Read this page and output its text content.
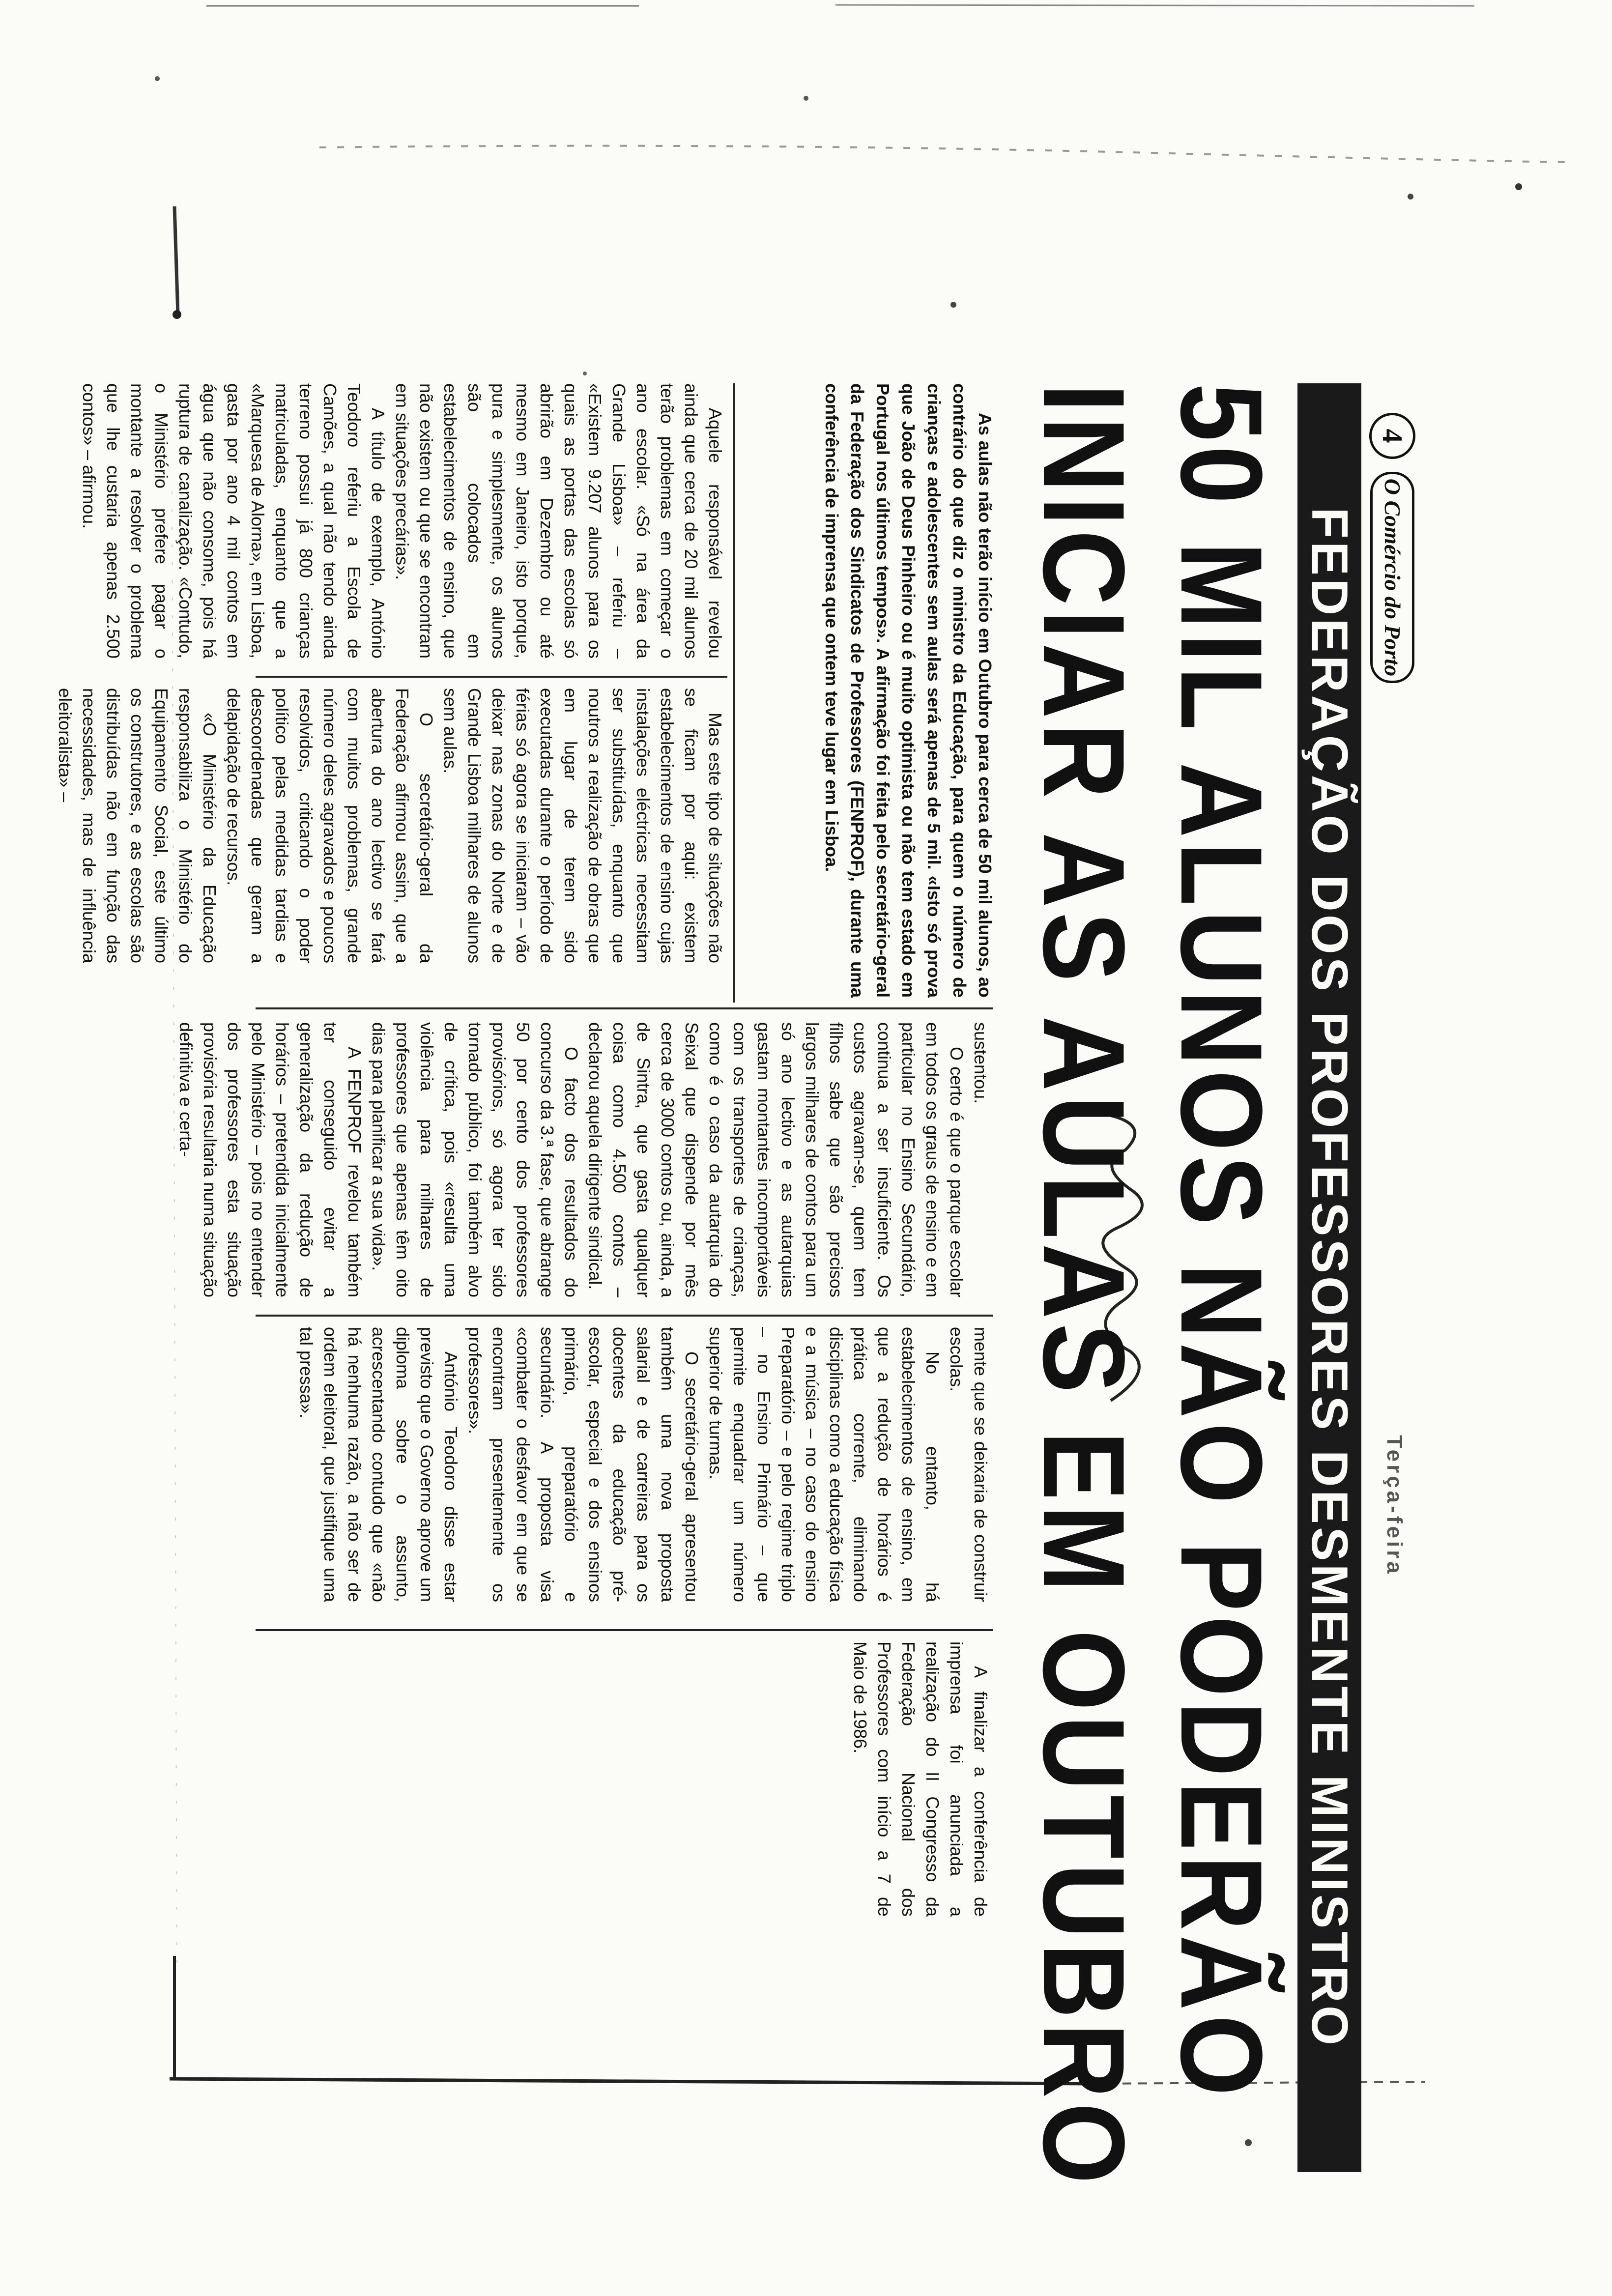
4
O Comércio do Porto
Terça-feira
FEDERAÇÃO DOS PROFESSORES DESMENTE MINISTRO
50 MIL ALUNOS NÃO PODERÃO
INICIAR AS AULAS EM OUTUBRO

As aulas não terão início em Outubro para cerca de 50 mil alunos, ao contrário do que diz o ministro da Educação, para quem o número de crianças e adolescentes sem aulas será apenas de 5 mil. «Isto só prova que João de Deus Pinheiro ou é muito optimista ou não tem estado em Portugal nos últimos tempos». A afirmação foi feita pelo secretário-geral da Federação dos Sindicatos de Professores (FENPROF), durante uma conferência de imprensa que ontem teve lugar em Lisboa.

Aquele responsável revelou ainda que cerca de 20 mil alunos terão problemas em começar o ano escolar. «Só na área da Grande Lisboa» – referiu – «Existem 9.207 alunos para os quais as portas das escolas só abrirão em Dezembro ou até mesmo em Janeiro, isto porque, pura e simplesmente, os alunos são colocados em estabelecimentos de ensino, que não existem ou que se encontram em situações precárias».

A título de exemplo, António Teodoro referiu a Escola de Camões, a qual não tendo ainda terreno possui já 800 crianças matriculadas, enquanto que a «Marquesa de Alorna», em Lisboa, gasta por ano 4 mil contos em água que não consome, pois há ruptura de canalização. «Contudo, o Ministério prefere pagar o montante a resolver o problema que lhe custaria apenas 2.500 contos» – afirmou.

Mas este tipo de situações não se ficam por aqui: existem estabelecimentos de ensino cujas instalações eléctricas necessitam ser substituídas, enquanto que noutros a realização de obras que em lugar de terem sido executadas durante o período de férias só agora se iniciaram – vão deixar nas zonas do Norte e de Grande Lisboa milhares de alunos sem aulas.

O secretário-geral da Federação afirmou assim, que a abertura do ano lectivo se fará com muitos problemas, grande número deles agravados e poucos resolvidos, criticando o poder político pelas medidas tardias e descoordenadas que geram a delapidação de recursos.

«O Ministério da Educação responsabiliza o Ministério do Equipamento Social, este último os construtores, e as escolas são distribuídas não em função das necessidades, mas de influência eleitoralista» –

sustentou.

O certo é que o parque escolar em todos os graus de ensino e em particular no Ensino Secundário, continua a ser insuficiente. Os custos agravam-se, quem tem filhos sabe que são precisos largos milhares de contos para um só ano lectivo e as autarquias gastam montantes incomportáveis com os transportes de crianças, como é o caso da autarquia do Seixal que dispende por mês cerca de 3000 contos ou, ainda, a de Sintra, que gasta qualquer coisa como 4.500 contos – declarou aquela dirigente sindical.

O facto dos resultados do concurso da 3.ª fase, que abrange 50 por cento dos professores provisórios, só agora ter sido tornado público, foi também alvo de crítica, pois «resulta uma violência para milhares de professores que apenas têm oito dias para planificar a sua vida».

A FENPROF revelou também ter conseguido evitar a generalização da redução de horários – pretendida inicialmente pelo Ministério – pois no entender dos professores esta situação provisória resultaria numa situação definitiva e certa-

mente que se deixaria de construir escolas.

No entanto, há estabelecimentos de ensino, em que a redução de horários é prática corrente, eliminando disciplinas como a educação física e a música – no caso do ensino Preparatório – e pelo regime triplo – no Ensino Primário – que permite enquadrar um número superior de turmas.

O secretário-geral apresentou também uma nova proposta salarial e de carreiras para os docentes da educação pré-escolar, especial e dos ensinos primário, preparatório e secundário. A proposta visa «combater o desfavor em que se encontram presentemente os professores».

António Teodoro disse estar previsto que o Governo aprove um diploma sobre o assunto, acrescentando contudo que «não há nenhuma razão, a não ser de ordem eleitoral, que justifique uma tal pressa».

A finalizar a conferência de imprensa foi anunciada a realização do II Congresso da Federação Nacional dos Professores com início a 7 de Maio de 1986.
